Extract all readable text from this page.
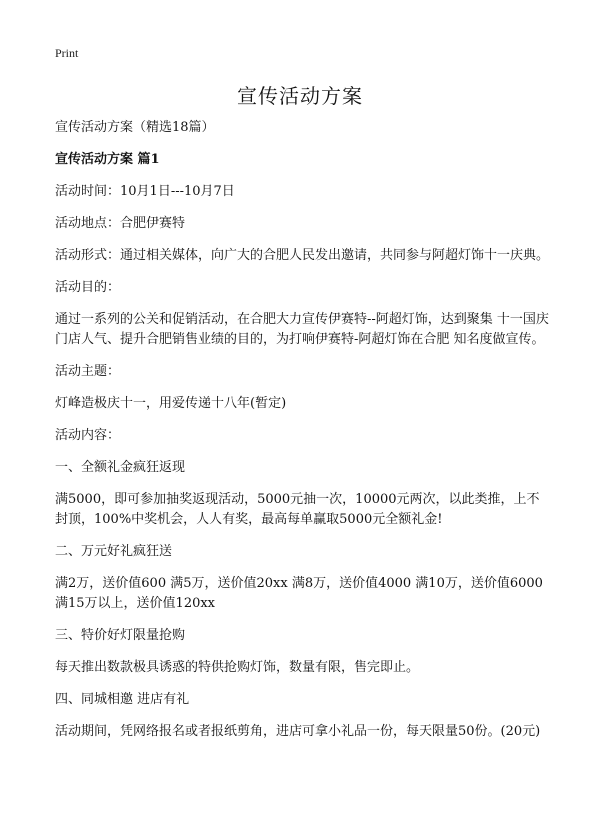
Print
宣传活动方案

宣传活动方案（精选18篇）

宣传活动方案 篇1

活动时间：10月1日---10月7日

活动地点：合肥伊赛特

活动形式：通过相关媒体，向广大的合肥人民发出邀请，共同参与阿超灯饰十一庆典。

活动目的：

通过一系列的公关和促销活动，在合肥大力宣传伊赛特--阿超灯饰，达到聚集 十一国庆门店人气、提升合肥销售业绩的目的，为打响伊赛特-阿超灯饰在合肥 知名度做宣传。

活动主题：

灯峰造极庆十一，用爱传递十八年(暂定)

活动内容：

一、全额礼金疯狂返现

满5000，即可参加抽奖返现活动，5000元抽一次，10000元两次，以此类推，上不封顶，100%中奖机会，人人有奖，最高每单赢取5000元全额礼金!

二、万元好礼疯狂送

满2万，送价值600 满5万，送价值20xx 满8万，送价值4000 满10万，送价值6000 满15万以上，送价值120xx

三、特价好灯限量抢购

每天推出数款极具诱惑的特供抢购灯饰，数量有限，售完即止。

四、同城相邀 进店有礼

活动期间，凭网络报名或者报纸剪角，进店可拿小礼品一份，每天限量50份。(20元)
